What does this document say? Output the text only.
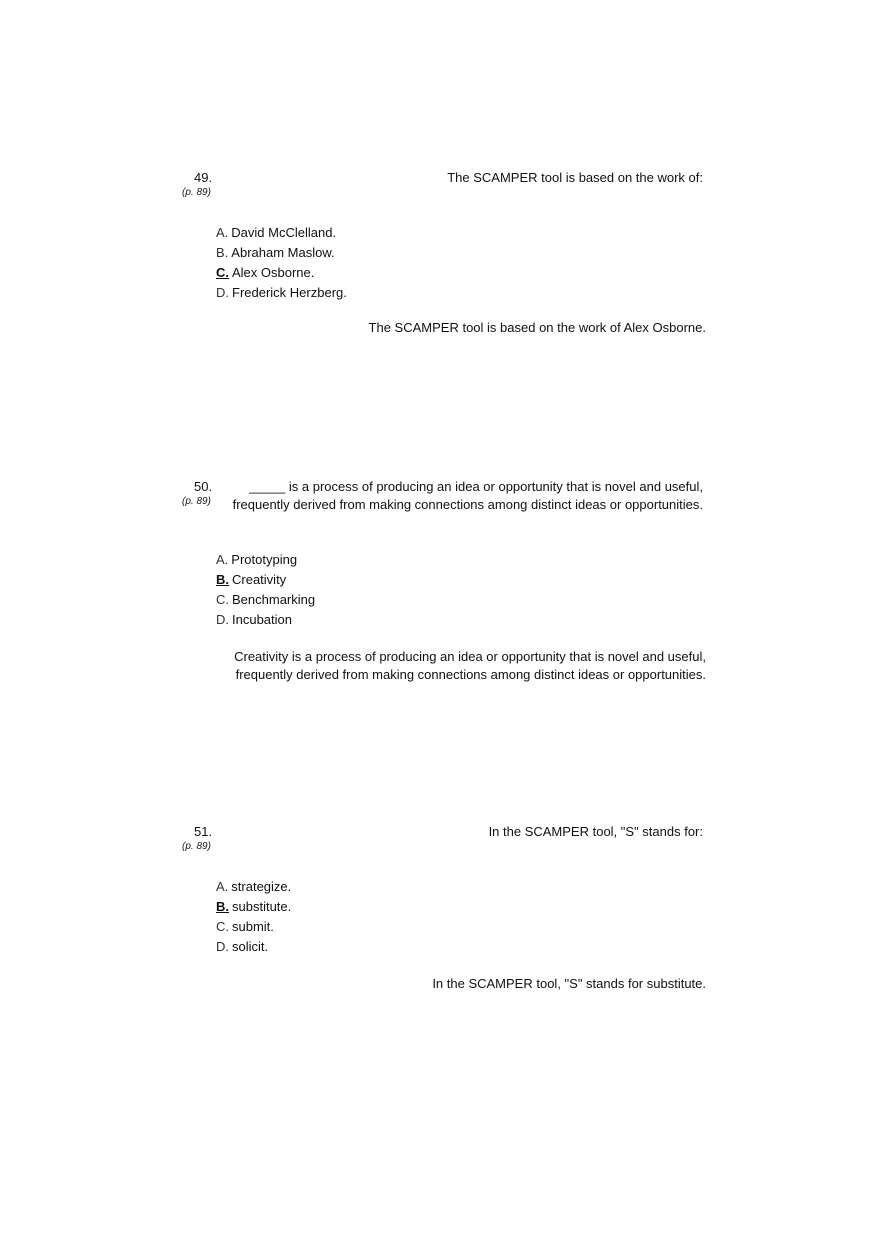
49.
(p. 89)
The SCAMPER tool is based on the work of:
A. David McClelland.
B. Abraham Maslow.
C. Alex Osborne.
D. Frederick Herzberg.
The SCAMPER tool is based on the work of Alex Osborne.
50.
(p. 89)
_____ is a process of producing an idea or opportunity that is novel and useful,
frequently derived from making connections among distinct ideas or opportunities.
A. Prototyping
B. Creativity
C. Benchmarking
D. Incubation
Creativity is a process of producing an idea or opportunity that is novel and useful,
frequently derived from making connections among distinct ideas or opportunities.
51.
(p. 89)
In the SCAMPER tool, "S" stands for:
A. strategize.
B. substitute.
C. submit.
D. solicit.
In the SCAMPER tool, "S" stands for substitute.
